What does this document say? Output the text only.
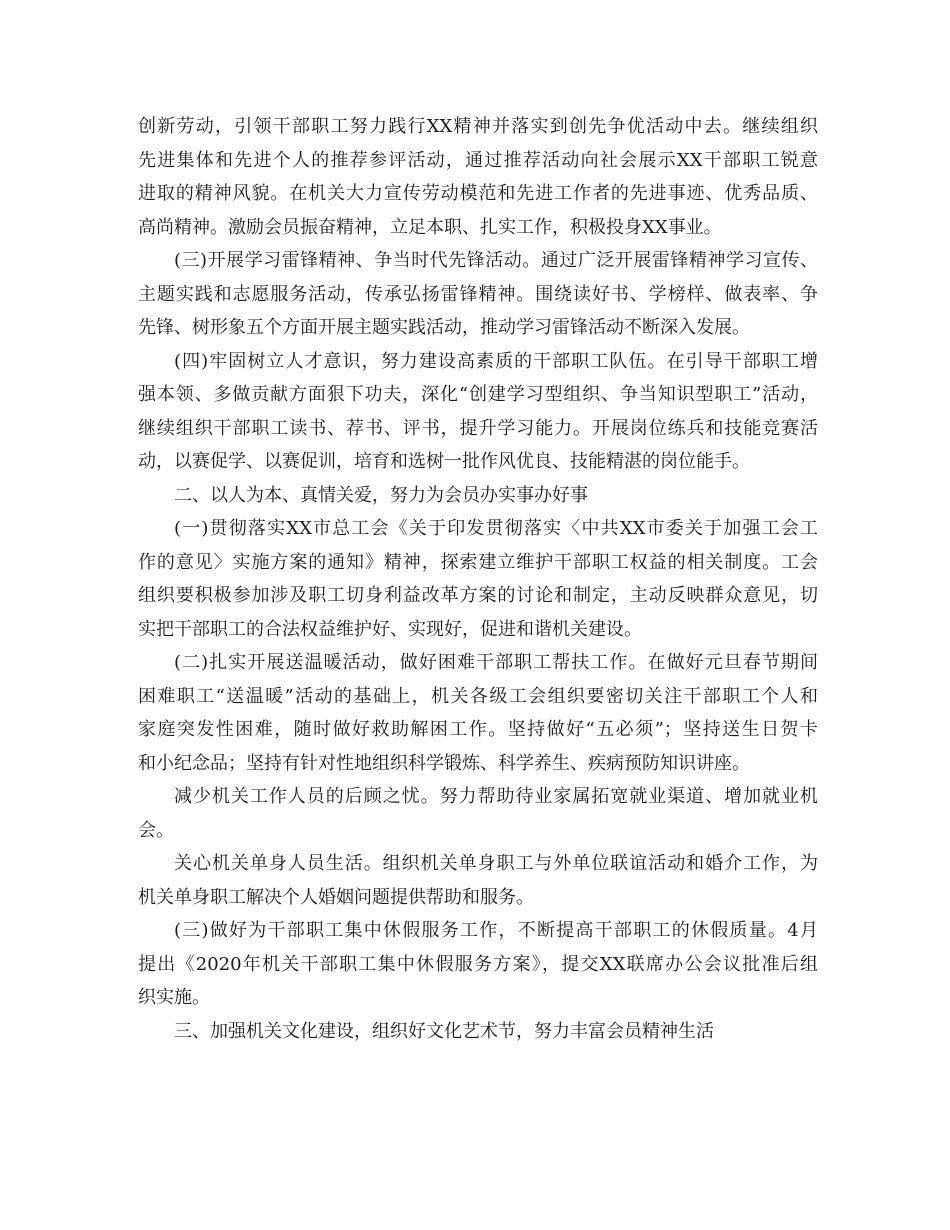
创新劳动，引领干部职工努力践行XX精神并落实到创先争优活动中去。继续组织
先进集体和先进个人的推荐参评活动，通过推荐活动向社会展示XX干部职工锐意
进取的精神风貌。在机关大力宣传劳动模范和先进工作者的先进事迹、优秀品质、
高尚精神。激励会员振奋精神，立足本职、扎实工作，积极投身XX事业。
(三)开展学习雷锋精神、争当时代先锋活动。通过广泛开展雷锋精神学习宣传、
主题实践和志愿服务活动，传承弘扬雷锋精神。围绕读好书、学榜样、做表率、争
先锋、树形象五个方面开展主题实践活动，推动学习雷锋活动不断深入发展。
(四)牢固树立人才意识，努力建设高素质的干部职工队伍。在引导干部职工增
强本领、多做贡献方面狠下功夫，深化“创建学习型组织、争当知识型职工”活动，
继续组织干部职工读书、荐书、评书，提升学习能力。开展岗位练兵和技能竞赛活
动，以赛促学、以赛促训，培育和选树一批作风优良、技能精湛的岗位能手。
二、以人为本、真情关爱，努力为会员办实事办好事
(一)贯彻落实XX市总工会《关于印发贯彻落实〈中共XX市委关于加强工会工
作的意见〉实施方案的通知》精神，探索建立维护干部职工权益的相关制度。工会
组织要积极参加涉及职工切身利益改革方案的讨论和制定，主动反映群众意见，切
实把干部职工的合法权益维护好、实现好，促进和谐机关建设。
(二)扎实开展送温暖活动，做好困难干部职工帮扶工作。在做好元旦春节期间
困难职工“送温暖”活动的基础上，机关各级工会组织要密切关注干部职工个人和
家庭突发性困难，随时做好救助解困工作。坚持做好“五必须”；坚持送生日贺卡
和小纪念品；坚持有针对性地组织科学锻炼、科学养生、疾病预防知识讲座。
减少机关工作人员的后顾之忧。努力帮助待业家属拓宽就业渠道、增加就业机
会。
关心机关单身人员生活。组织机关单身职工与外单位联谊活动和婚介工作，为
机关单身职工解决个人婚姻问题提供帮助和服务。
(三)做好为干部职工集中休假服务工作，不断提高干部职工的休假质量。4月
提出《2020年机关干部职工集中休假服务方案》，提交XX联席办公会议批准后组
织实施。
三、加强机关文化建设，组织好文化艺术节，努力丰富会员精神生活
